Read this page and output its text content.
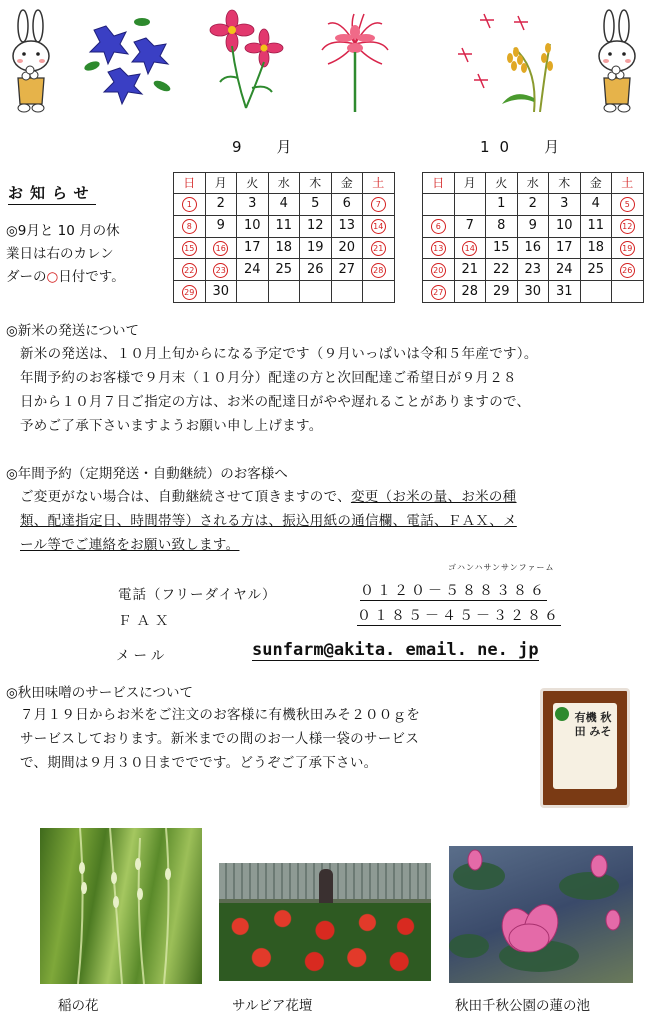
9　月	10　月
お知らせ
◎9月と 10 月の休
業日は右のカレン
ダーの○日付です。
日	月	火	水	木	金	土
1	2	3	4	5	6	7
8	9	10	11	12	13	14
15	16	17	18	19	20	21
22	23	24	25	26	27	28
29	30					
日	月	火	水	木	金	土
		1	2	3	4	5
6	7	8	9	10	11	12
13	14	15	16	17	18	19
20	21	22	23	24	25	26
27	28	29	30	31		
◎新米の発送について
新米の発送は、１０月上旬からになる予定です（９月いっぱいは令和５年産です）。
年間予約のお客様で９月末（１０月分）配達の方と次回配達ご希望日が９月２８
日から１０月７日ご指定の方は、お米の配達日がやや遅れることがありますので、
予めご了承下さいますようお願い申し上げます。
◎年間予約（定期発送・自動継続）のお客様へ
ご変更がない場合は、自動継続させて頂きますので、変更（お米の量、お米の種
類、配達指定日、時間帯等）される方は、振込用紙の通信欄、電話、ＦＡＸ、メ
ール等でご連絡をお願い致します。
ゴハンハサンサンファーム
電話（フリーダイヤル）	０１２０－５８８３８６
ＦＡＸ	０１８５－４５－３２８６
メール	sunfarm@akita. email. ne. jp
◎秋田味噌のサービスについて
７月１９日からお米をご注文のお客様に有機秋田みそ２００ｇを
サービスしております。新米までの間のお一人様一袋のサービス
で、期間は９月３０日まででです。どうぞご了承下さい。
有機 秋田 みそ
稲の花	サルビア花壇	秋田千秋公園の蓮の池
